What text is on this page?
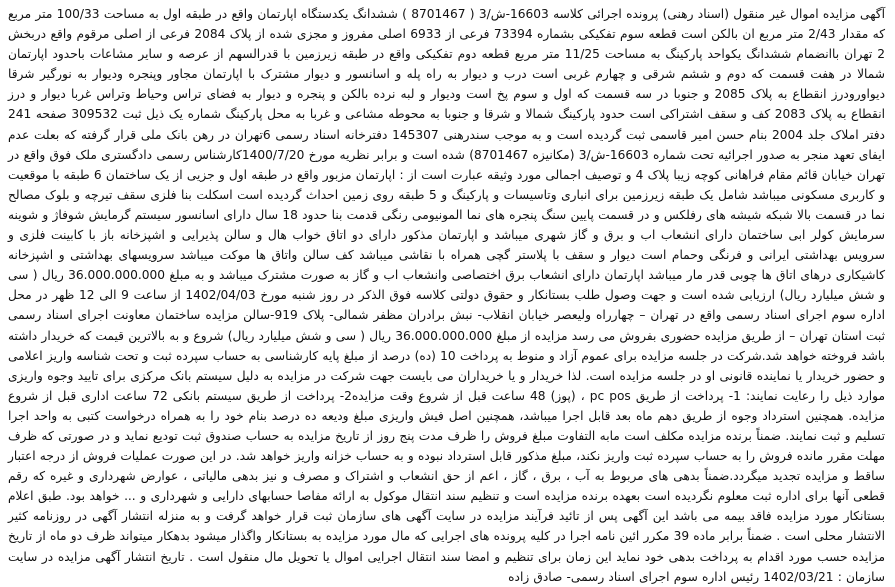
آگهی مزایده اموال غیر منقول (اسناد رهنی) پرونده اجرائی کلاسه 16603-ش/3 ( 8701467 ) ششدانگ یکدستگاه اپارتمان واقع در طبقه اول به مساحت 100/33 متر مربع که مقدار 2/43 متر مربع ان بالکن است قطعه سوم تفکیکی بشماره 73394 فرعی از 6933 اصلی مفروز و مجزی شده از پلاک 2084 فرعی از اصلی مرقوم واقع دربخش 2 تهران باانضمام ششدانگ یکواحد پارکینگ به مساحت 11/25 متر مربع قطعه دوم تفکیکی واقع در طبقه زیرزمین با قدرالسهم از عرصه و سایر مشاعات باحدود اپارتمان شمالا در هفت قسمت که دوم و ششم شرقی و چهارم غربی است درب و دیوار به راه پله و اسانسور و دیوار مشترک با اپارتمان مجاور وپنجره ودیوار به نورگیر شرقا دیواورودرز انقطاع به پلاک 2085 و جنوبا در سه قسمت که اول و سوم پخ است ودیوار و لبه نرده بالکن و پنجره و دیوار به فضای تراس وحیاط وتراس غربا دیوار و درز انقطاع به پلاک 2083 کف و سقف اشتراکی است حدود پارکینگ شمالا و شرقا و جنوبا به محوطه مشاعی و غربا به محل پارکینگ شماره یک ذیل ثبت 309532 صفحه 241 دفتر املاک جلد 2004 بنام حسن امیر قاسمی ثبت گردیده است و به موجب سندرهنی 145307 دفترخانه اسناد رسمی 6تهران در رهن بانک ملی قرار گرفته که بعلت عدم ایفای تعهد منجر به صدور اجرائیه تحت شماره 16603-ش/3 (مکانیزه 8701467) شده است و برابر نظریه مورخ 1400/7/20کارشناس رسمی دادگستری ملک فوق واقع در تهران خیابان قائم مقام فراهانی کوچه زیبا پلاک 4 و توصیف اجمالی مورد وثیقه عبارت است از : اپارتمان مزبور واقع در طبقه اول و جزیی از یک ساختمان 6 طبقه با موقعیت و کاربری مسکونی میباشد شامل یک طبقه زیرزمین برای انباری وتاسیسات و پارکینگ و 5 طبقه روی زمین احداث گردیده است اسکلت بنا فلزی سقف تیرچه و بلوک مصالح نما در قسمت بالا شبکه شیشه های رفلکس و در قسمت پایین سنگ پنجره های نما المونیومی رنگی قدمت بنا حدود 18 سال دارای اسانسور سیستم گرمایش شوفاژ و شوینه سرمایش کولر ابی ساختمان دارای انشعاب اب و برق و گاز شهری میباشد و اپارتمان مذکور دارای دو اتاق خواب هال و سالن پذیرایی و اشپزخانه باز با کابینت فلزی و سرویس بهداشتی ایرانی و فرنگی وحمام است دیوار و سقف با پلاستر گچی همراه با نقاشی میباشد کف سالن واتاق ها موکت میباشد سرویسهای بهداشتی و اشپزخانه کاشیکاری درهای اتاق ها چوبی قدر مار میباشد اپارتمان دارای انشعاب برق اختصاصی وانشعاب اب و گاز به صورت مشترک میباشد و به مبلغ 36.000.000.000 ریال ( سی و شش میلیارد ریال) ارزیابی شده است و جهت وصول طلب بستانکار و حقوق دولتی کلاسه فوق الذکر در روز شنبه مورخ 1402/04/03 از ساعت 9 الی 12 ظهر در محل اداره سوم اجرای اسناد رسمی واقع در تهران – چهارراه ولیعصر خیابان انقلاب- نبش برادران مظفر شمالی- پلاک 919-سالن مزایده ساختمان معاونت اجرای اسناد رسمی ثبت استان تهران – از طریق مزایده حضوری بفروش می رسد مزایده از مبلغ 36.000.000.000 ریال ( سی و شش میلیارد ریال) شروع و به بالاترین قیمت که خریدار داشته باشد فروخته خواهد شد.شرکت در جلسه مزایده برای عموم آزاد و منوط به پرداخت 10 (ده) درصد از مبلغ پایه کارشناسی به حساب سپرده ثبت و تحت شناسه واریز اعلامی و حضور خریدار یا نماینده قانونی او در جلسه مزایده است. لذا خریدار و یا خریداران می بایست جهت شرکت در مزایده به دلیل سیستم بانک مرکزی برای تایید وجوه واریزی موارد ذیل را رعایت نمایند: 1- پرداخت از طریق pc pos ، (پوز) 48 ساعت قبل از شروع وقت مزایده2- پرداخت از طریق سیستم بانکی 72 ساعت اداری قبل از شروع مزایده. همچنین استرداد وجوه از طریق دهم ماه بعد قابل اجرا میباشد، همچنین اصل فیش واریزی مبلغ ودیعه ده درصد بنام خود را به همراه درخواست کتبی به واحد اجرا تسلیم و ثبت نمایند. ضمناً برنده مزایده مکلف است مابه التفاوت مبلغ فروش را ظرف مدت پنج روز از تاریخ مزایده به حساب صندوق ثبت تودیع نماید و در صورتی که ظرف مهلت مقرر مانده فروش را به حساب سپرده ثبت واریز نکند، مبلغ مذکور قابل استرداد نبوده و به حساب خزانه واریز خواهد شد. در این صورت عملیات فروش از درجه اعتبار ساقط و مزایده تجدید میگردد.ضمناً بدهی های مربوط به آب ، برق ، گاز ، اعم از حق انشعاب و اشتراک و مصرف و نیز بدهی مالیاتی ، عوارض شهرداری و غیره که رقم قطعی آنها برای اداره ثبت معلوم نگردیده است بعهده برنده مزایده است و تنظیم سند انتقال موکول به ارائه مفاصا حسابهای دارایی و شهرداری و ... خواهد بود. طبق اعلام بستانکار مورد مزایده فاقد بیمه می باشد این آگهی پس از تائید فرآیند مزایده در سایت آگهی های سازمان ثبت قرار خواهد گرفت و به منزله انتشار آگهی در روزنامه کثیر الانتشار محلی است . ضمناً برابر ماده 39 مکرر ائین نامه اجرا در کلیه پرونده های اجرایی که مال مورد مزایده به بستانکار واگذار میشود بدهکار میتواند ظرف دو ماه از تاریخ مزایده حسب مورد اقدام به پرداخت بدهی خود نماید این زمان برای تنظیم و امضا سند انتقال اجرایی اموال یا تحویل مال منقول است . تاریخ انتشار آگهی مزایده در سایت سازمان : 1402/03/21 رئیس اداره سوم اجرای اسناد رسمی- صادق زاده
